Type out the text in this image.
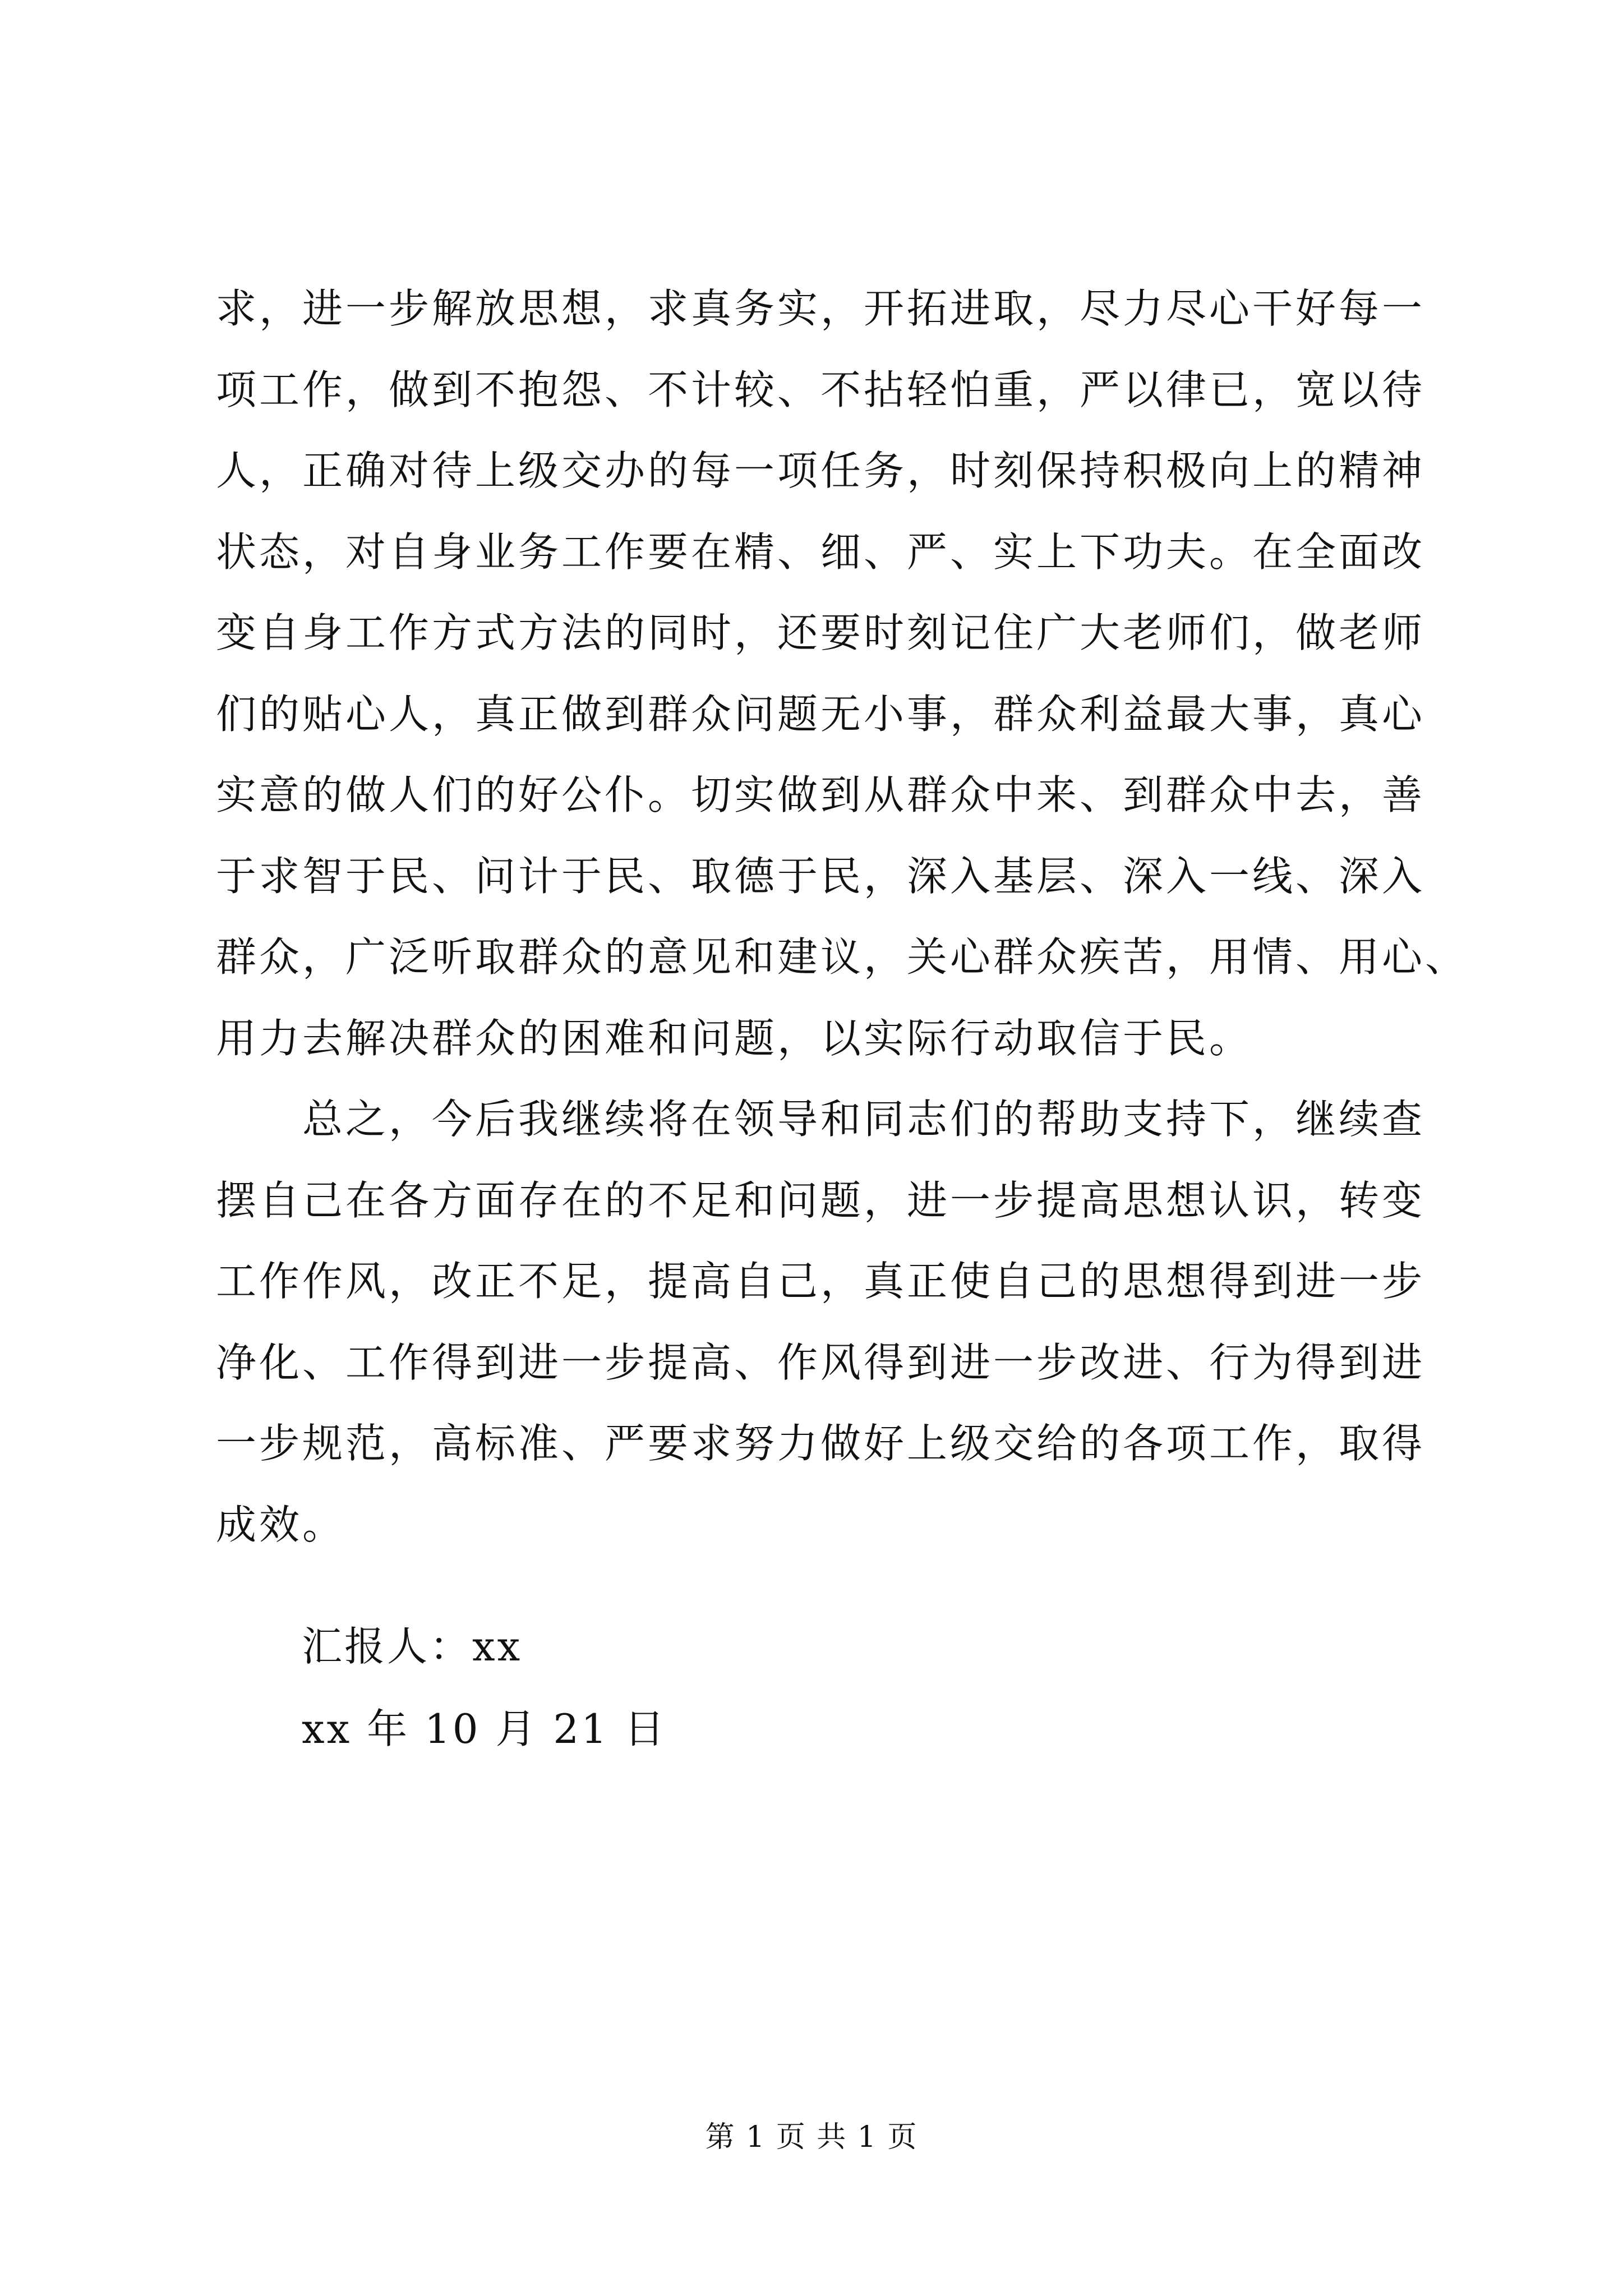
求，进一步解放思想，求真务实，开拓进取，尽力尽心干好每一
项工作，做到不抱怨、不计较、不拈轻怕重，严以律已，宽以待
人，正确对待上级交办的每一项任务，时刻保持积极向上的精神
状态，对自身业务工作要在精、细、严、实上下功夫。在全面改
变自身工作方式方法的同时，还要时刻记住广大老师们，做老师
们的贴心人，真正做到群众问题无小事，群众利益最大事，真心
实意的做人们的好公仆。切实做到从群众中来、到群众中去，善
于求智于民、问计于民、取德于民，深入基层、深入一线、深入
群众，广泛听取群众的意见和建议，关心群众疾苦，用情、用心、
用力去解决群众的困难和问题，以实际行动取信于民。
总之，今后我继续将在领导和同志们的帮助支持下，继续查
摆自己在各方面存在的不足和问题，进一步提高思想认识，转变
工作作风，改正不足，提高自己，真正使自己的思想得到进一步
净化、工作得到进一步提高、作风得到进一步改进、行为得到进
一步规范，高标准、严要求努力做好上级交给的各项工作，取得
成效。
汇报人：xx
xx 年 10 月 21 日
第 1 页 共 1 页
